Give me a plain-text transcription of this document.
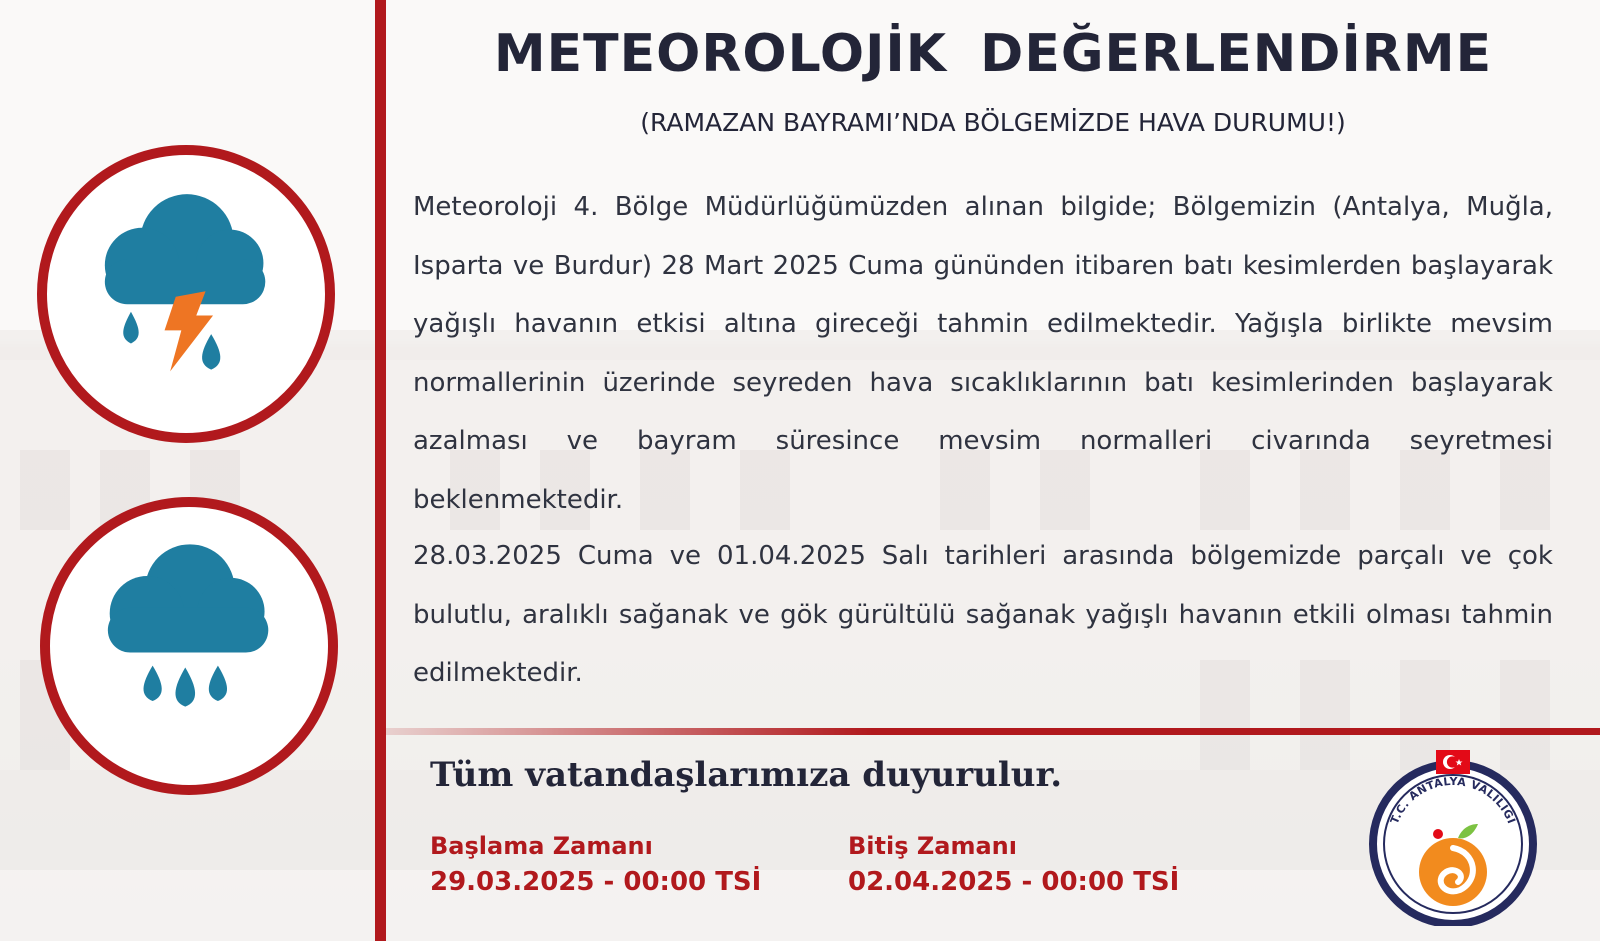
METEOROLOJİK DEĞERLENDİRME
(RAMAZAN BAYRAMI’NDA BÖLGEMİZDE HAVA DURUMU!)

Meteoroloji 4. Bölge Müdürlüğümüzden alınan bilgide; Bölgemizin (Antalya, Muğla, Isparta ve Burdur) 28 Mart 2025 Cuma gününden itibaren batı kesimlerden başlayarak yağışlı havanın etkisi altına gireceği tahmin edilmektedir. Yağışla birlikte mevsim normallerinin üzerinde seyreden hava sıcaklıklarının batı kesimlerinden başlayarak azalması ve bayram süresince mevsim normalleri civarında seyretmesi beklenmektedir.

28.03.2025 Cuma ve 01.04.2025 Salı tarihleri arasında bölgemizde parçalı ve çok bulutlu, aralıklı sağanak ve gök gürültülü sağanak yağışlı havanın etkili olması tahmin edilmektedir.

Tüm vatandaşlarımıza duyurulur.
Başlama Zamanı
29.03.2025 - 00:00 TSİ
Bitiş Zamanı
02.04.2025 - 00:00 TSİ
T.C. ANTALYA VALİLİĞİ
